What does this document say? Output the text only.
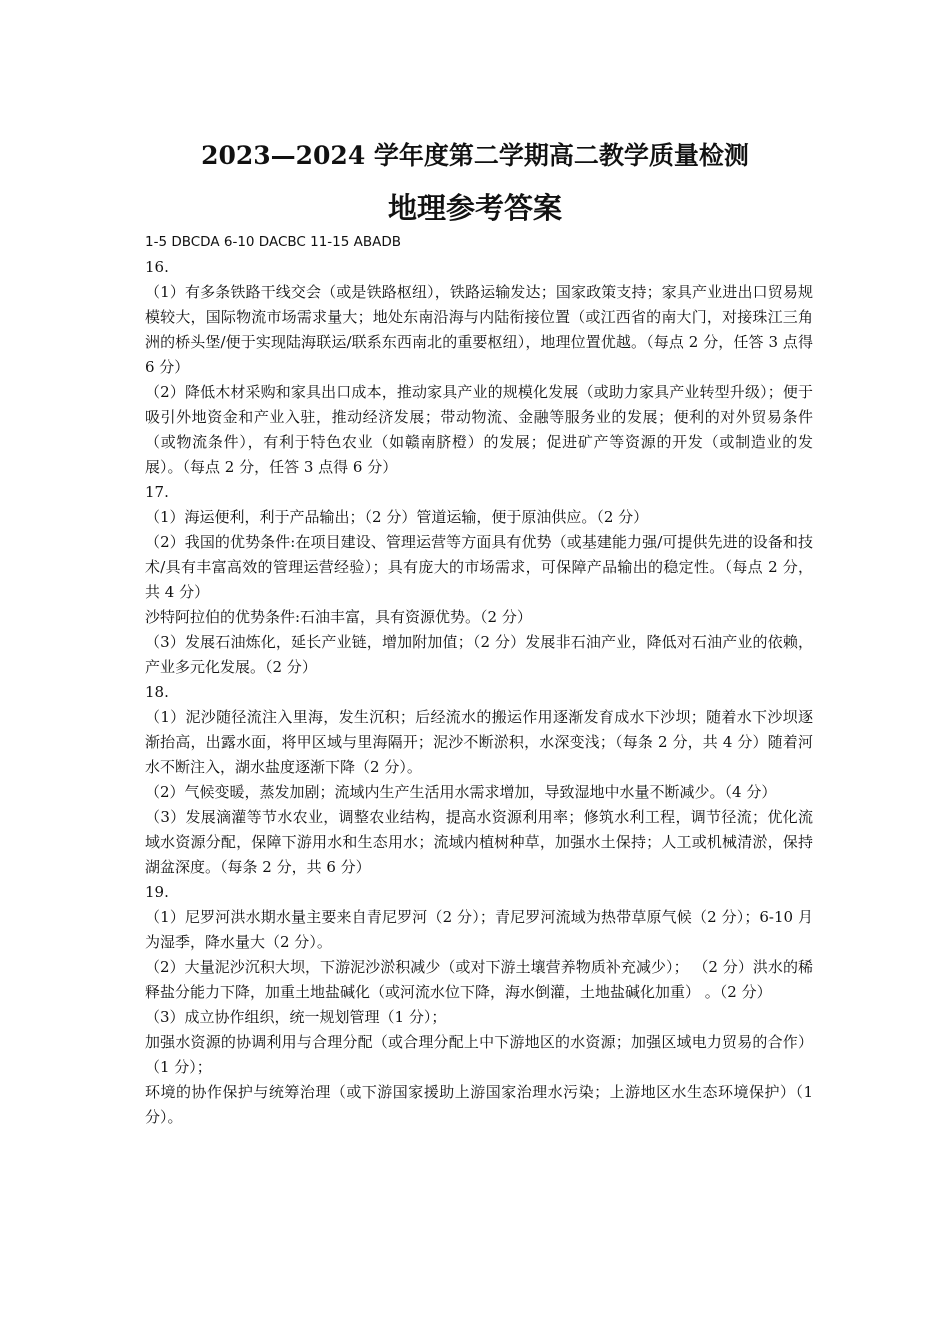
2023—2024 学年度第二学期高二教学质量检测
地理参考答案

1-5 DBCDA 6-10 DACBC 11-15 ABADB

16.

（1）有多条铁路干线交会（或是铁路枢纽），铁路运输发达；国家政策支持；家具产业进出口贸易规模较大，国际物流市场需求量大；地处东南沿海与内陆衔接位置（或江西省的南大门，对接珠江三角洲的桥头堡/便于实现陆海联运/联系东西南北的重要枢纽），地理位置优越。（每点 2 分，任答 3 点得 6 分）

（2）降低木材采购和家具出口成本，推动家具产业的规模化发展（或助力家具产业转型升级）；便于吸引外地资金和产业入驻，推动经济发展；带动物流、金融等服务业的发展；便利的对外贸易条件（或物流条件），有利于特色农业（如赣南脐橙）的发展；促进矿产等资源的开发（或制造业的发展）。（每点 2 分，任答 3 点得 6 分）

17.

（1）海运便利，利于产品输出；（2 分）管道运输，便于原油供应。（2 分）

（2）我国的优势条件:在项目建设、管理运营等方面具有优势（或基建能力强/可提供先进的设备和技术/具有丰富高效的管理运营经验）；具有庞大的市场需求，可保障产品输出的稳定性。（每点 2 分，共 4 分）

沙特阿拉伯的优势条件:石油丰富，具有资源优势。（2 分）

（3）发展石油炼化，延长产业链，增加附加值；（2 分）发展非石油产业，降低对石油产业的依赖，产业多元化发展。（2 分）

18.

（1）泥沙随径流注入里海，发生沉积；后经流水的搬运作用逐渐发育成水下沙坝；随着水下沙坝逐渐抬高，出露水面，将甲区域与里海隔开；泥沙不断淤积，水深变浅；（每条 2 分，共 4 分）随着河水不断注入，湖水盐度逐渐下降（2 分）。

（2）气候变暖，蒸发加剧；流域内生产生活用水需求增加，导致湿地中水量不断减少。（4 分）

（3）发展滴灌等节水农业，调整农业结构，提高水资源利用率；修筑水利工程，调节径流；优化流域水资源分配，保障下游用水和生态用水；流域内植树种草，加强水土保持；人工或机械清淤，保持湖盆深度。（每条 2 分，共 6 分）

19.

（1）尼罗河洪水期水量主要来自青尼罗河（2 分）；青尼罗河流域为热带草原气候（2 分）；6-10 月为湿季，降水量大（2 分）。

（2）大量泥沙沉积大坝，下游泥沙淤积减少（或对下游土壤营养物质补充减少）； （2 分）洪水的稀释盐分能力下降，加重土地盐碱化（或河流水位下降，海水倒灌，土地盐碱化加重） 。（2 分）

（3）成立协作组织，统一规划管理（1 分）；

加强水资源的协调利用与合理分配（或合理分配上中下游地区的水资源；加强区域电力贸易的合作）（1 分）；

环境的协作保护与统筹治理（或下游国家援助上游国家治理水污染；上游地区水生态环境保护）（1 分）。
